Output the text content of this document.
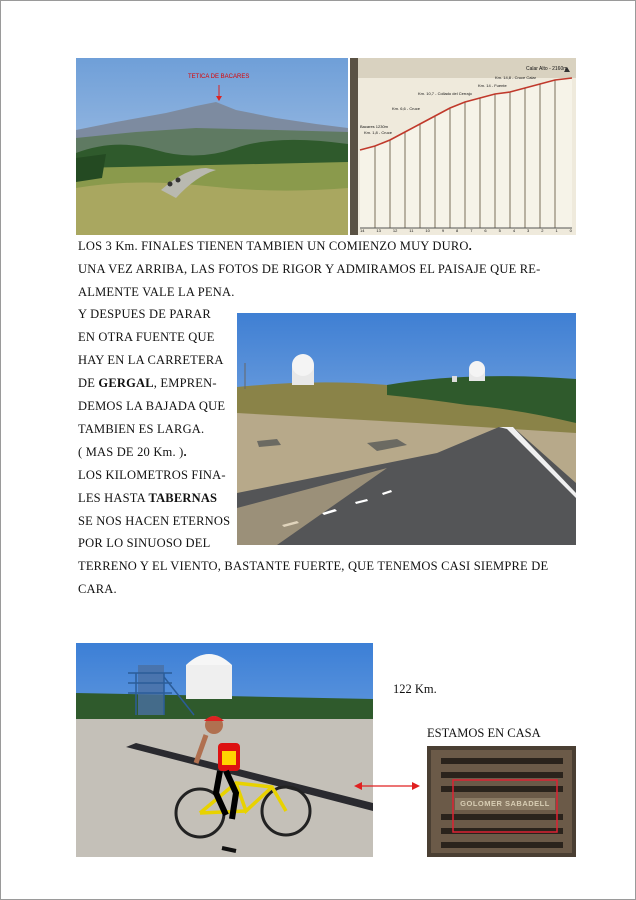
TETICA DE BACARES
Calar Alto - 2160m
Km. 14,8 - Cruce Calar
Km. 14 - Fuente
Km. 10,7 - Collado del Cerrajo
Km. 6,6 - Cruce
Km. 1,8 - Cruce
Bacares 1230m
14	13	12	11	10	9	8	7	6	5	4	3	2	1	0
LOS 3 Km. FINALES TIENEN TAMBIEN UN COMIENZO MUY DURO.
UNA VEZ ARRIBA, LAS FOTOS DE RIGOR Y ADMIRAMOS EL PAISAJE QUE RE-
ALMENTE VALE LA PENA.
Y DESPUES DE PARAR
EN OTRA FUENTE QUE
HAY EN LA CARRETERA
DE GERGAL, EMPREN-
DEMOS LA BAJADA QUE
TAMBIEN ES LARGA.
( MAS DE 20 Km. ).
LOS KILOMETROS FINA-
LES HASTA TABERNAS
SE NOS HACEN ETERNOS
POR LO SINUOSO DEL
TERRENO Y EL VIENTO, BASTANTE FUERTE, QUE TENEMOS CASI SIEMPRE DE
CARA.
122 Km.
ESTAMOS EN CASA
GOLOMER SABADELL
